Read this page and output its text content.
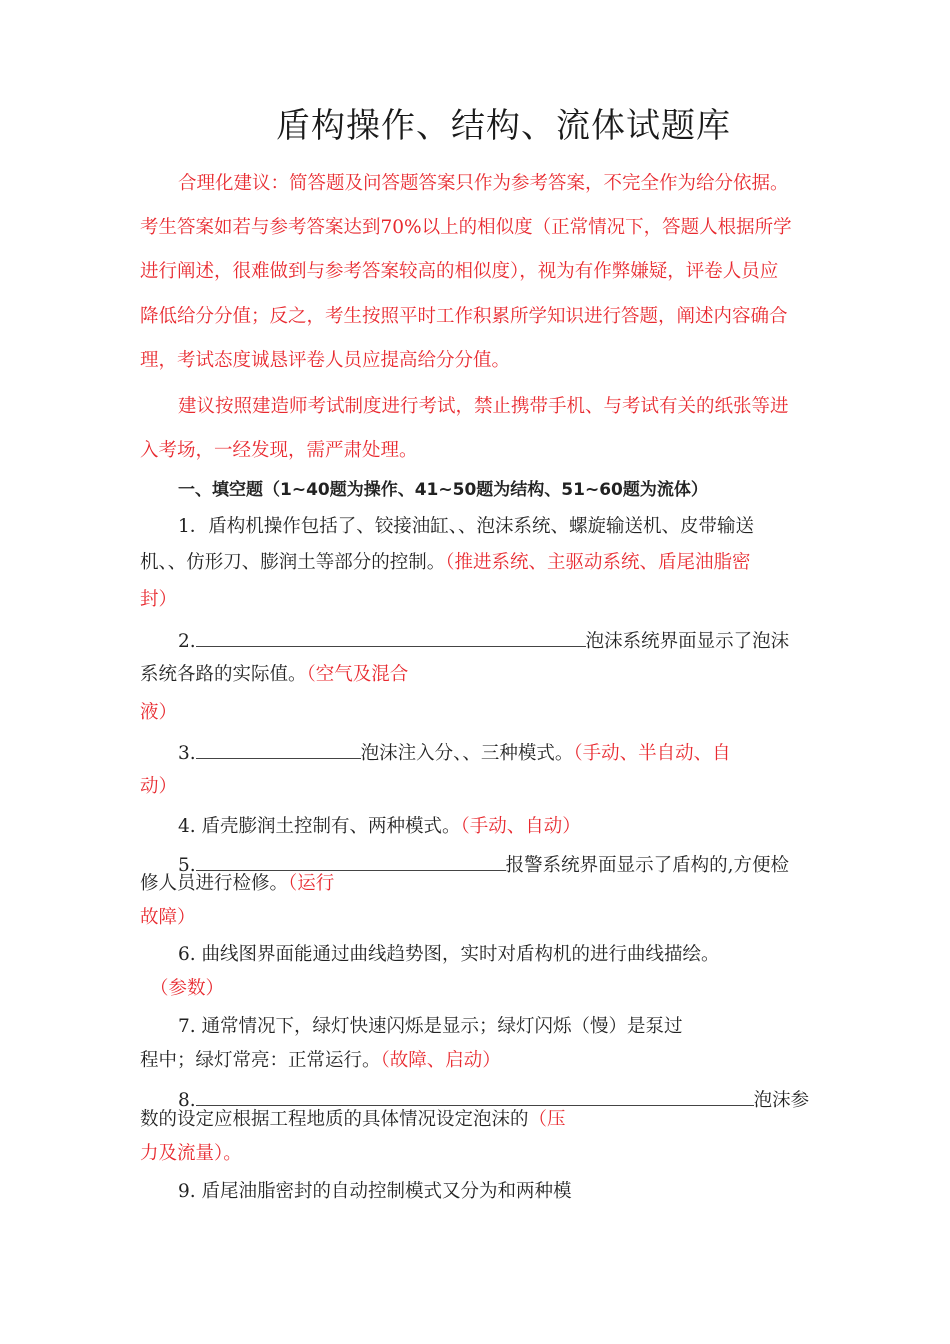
盾构操作、结构、流体试题库
合理化建议：简答题及问答题答案只作为参考答案，不完全作为给分依据。
考生答案如若与参考答案达到70%以上的相似度（正常情况下，答题人根据所学
进行阐述，很难做到与参考答案较高的相似度），视为有作弊嫌疑，评卷人员应
降低给分分值；反之，考生按照平时工作积累所学知识进行答题，阐述内容确合
理，考试态度诚恳评卷人员应提高给分分值。
建议按照建造师考试制度进行考试，禁止携带手机、与考试有关的纸张等进
入考场，一经发现，需严肃处理。
一、填空题（1~40题为操作、41~50题为结构、51~60题为流体）
1．盾构机操作包括了、铰接油缸、、泡沫系统、螺旋输送机、皮带输送
机、、仿形刀、膨润土等部分的控制。（推进系统、主驱动系统、盾尾油脂密
封）
2.	泡沫系统界面显示了泡沫
系统各路的实际值。（空气及混合
液）
3.	泡沫注入分、、三种模式。（手动、半自动、自
动）
4. 盾壳膨润土控制有、两种模式。（手动、自动）
5.	报警系统界面显示了盾构的,方便检
修人员进行检修。（运行
故障）
6. 曲线图界面能通过曲线趋势图，实时对盾构机的进行曲线描绘。
（参数）
7. 通常情况下，绿灯快速闪烁是显示；绿灯闪烁（慢）是泵过
程中；绿灯常亮：正常运行。（故障、启动）
8.	泡沫参
数的设定应根据工程地质的具体情况设定泡沫的（压
力及流量）。
9. 盾尾油脂密封的自动控制模式又分为和两种模
